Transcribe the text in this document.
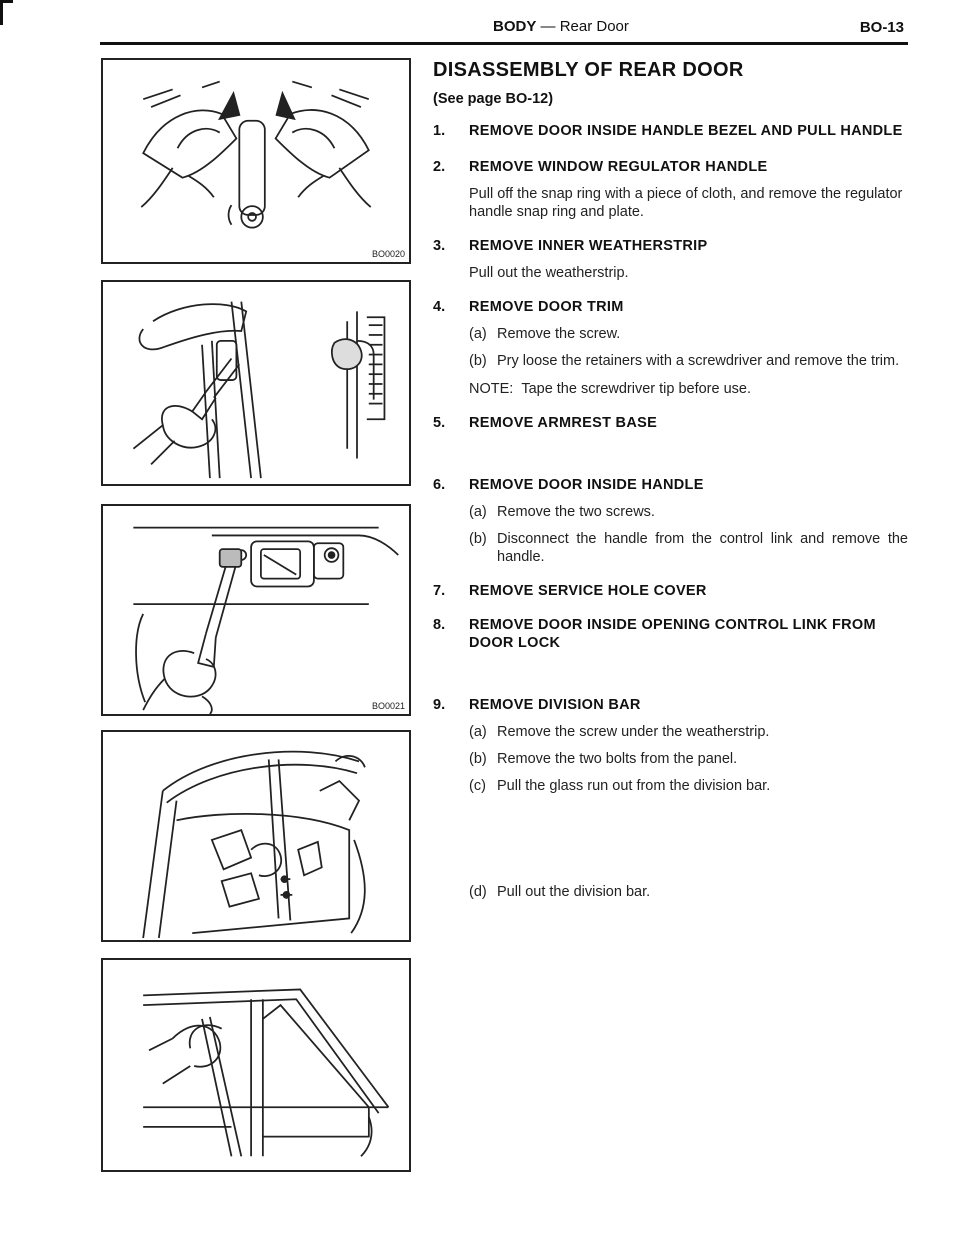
BODY — Rear Door	BO-13
BO0020
BO0021
DISASSEMBLY OF REAR DOOR
(See page BO-12)
1. REMOVE DOOR INSIDE HANDLE BEZEL AND PULL HANDLE
2. REMOVE WINDOW REGULATOR HANDLE
Pull off the snap ring with a piece of cloth, and remove the regulator handle snap ring and plate.
3. REMOVE INNER WEATHERSTRIP
Pull out the weatherstrip.
4. REMOVE DOOR TRIM
(a) Remove the screw.
(b) Pry loose the retainers with a screwdriver and remove the trim.
NOTE: Tape the screwdriver tip before use.
5. REMOVE ARMREST BASE
6. REMOVE DOOR INSIDE HANDLE
(a) Remove the two screws.
(b) Disconnect the handle from the control link and remove the handle.
7. REMOVE SERVICE HOLE COVER
8. REMOVE DOOR INSIDE OPENING CONTROL LINK FROM DOOR LOCK
9. REMOVE DIVISION BAR
(a) Remove the screw under the weatherstrip.
(b) Remove the two bolts from the panel.
(c) Pull the glass run out from the division bar.
(d) Pull out the division bar.
